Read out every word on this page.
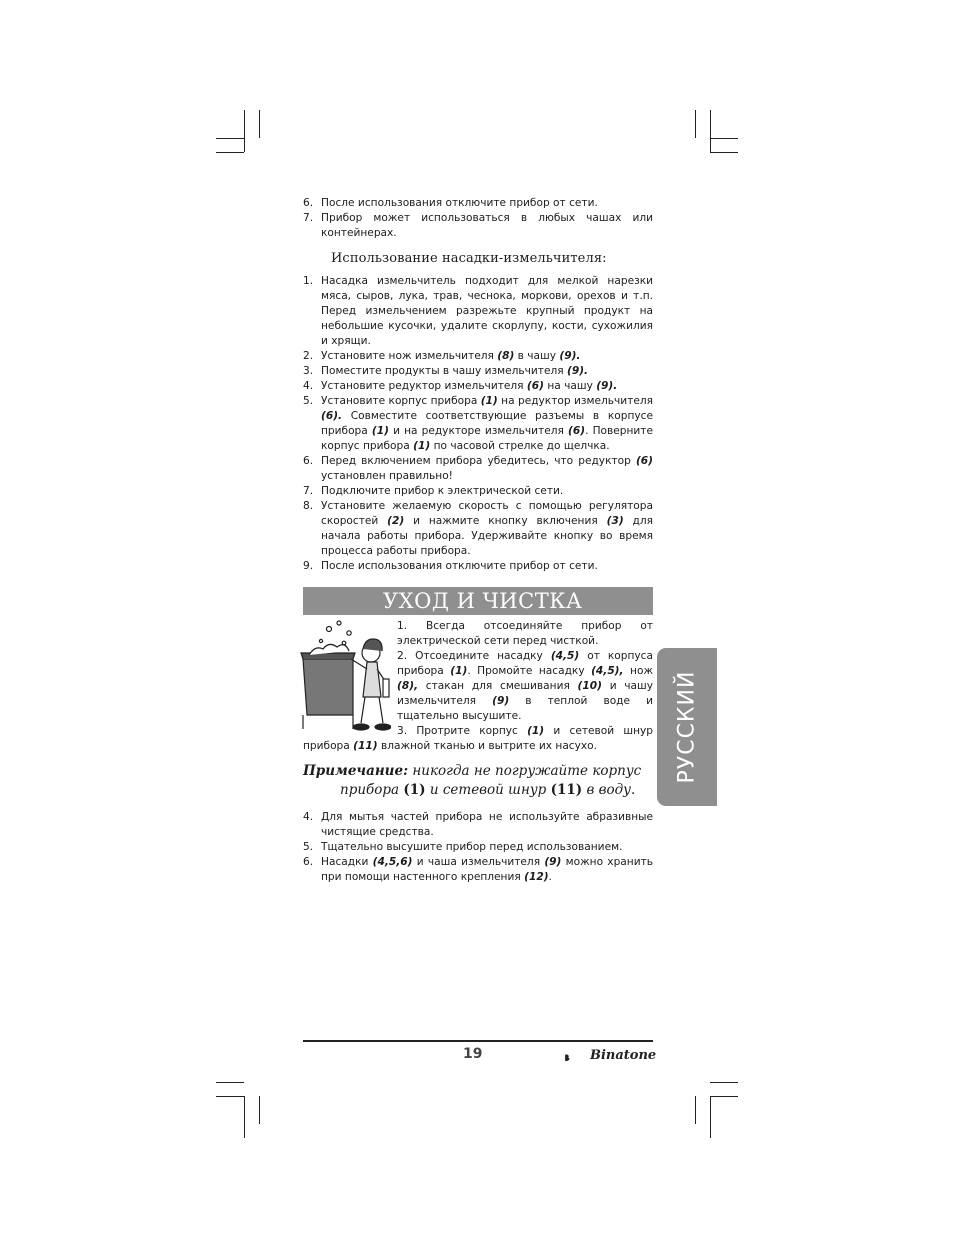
6. После использования отключите прибор от сети.
7. Прибор может использоваться в любых чашах или контейнерах.
Использование насадки-измельчителя:
1. Насадка измельчитель подходит для мелкой нарезки мяса, сыров, лука, трав, чеснока, моркови, орехов и т.п. Перед измельчением разрежьте крупный продукт на небольшие кусочки, удалите скорлупу, кости, сухожилия и хрящи.
2. Установите нож измельчителя (8) в чашу (9).
3. Поместите продукты в чашу измельчителя (9).
4. Установите редуктор измельчителя (6) на чашу (9).
5. Установите корпус прибора (1) на редуктор измельчителя (6). Совместите соответствующие разъемы в корпусе прибора (1) и на редукторе измельчителя (6). Поверните корпус прибора (1) по часовой стрелке до щелчка.
6. Перед включением прибора убедитесь, что редуктор (6) установлен правильно!
7. Подключите прибор к электрической сети.
8. Установите желаемую скорость с помощью регулятора скоростей (2) и нажмите кнопку включения (3) для начала работы прибора. Удерживайте кнопку во время процесса работы прибора.
9. После использования отключите прибор от сети.
УХОД И ЧИСТКА

1. Всегда отсоединяйте прибор от электрической сети перед чисткой.

2. Отсоедините насадку (4,5) от корпуса прибора (1). Промойте насадку (4,5), нож (8), стакан для смешивания (10) и чашу измельчителя (9) в теплой воде и тщательно высушите.

3. Протрите корпус (1) и сетевой шнур прибора (11) влажной тканью и вытрите их насухо.

Примечание: никогда не погружайте корпус
прибора (1) и сетевой шнур (11) в воду.
4. Для мытья частей прибора не используйте абразивные чистящие средства.
5. Тщательно высушите прибор перед использованием.
6. Насадки (4,5,6) и чаша измельчителя (9) можно хранить при помощи настенного крепления (12).
РУССКИЙ
19	Binatone
